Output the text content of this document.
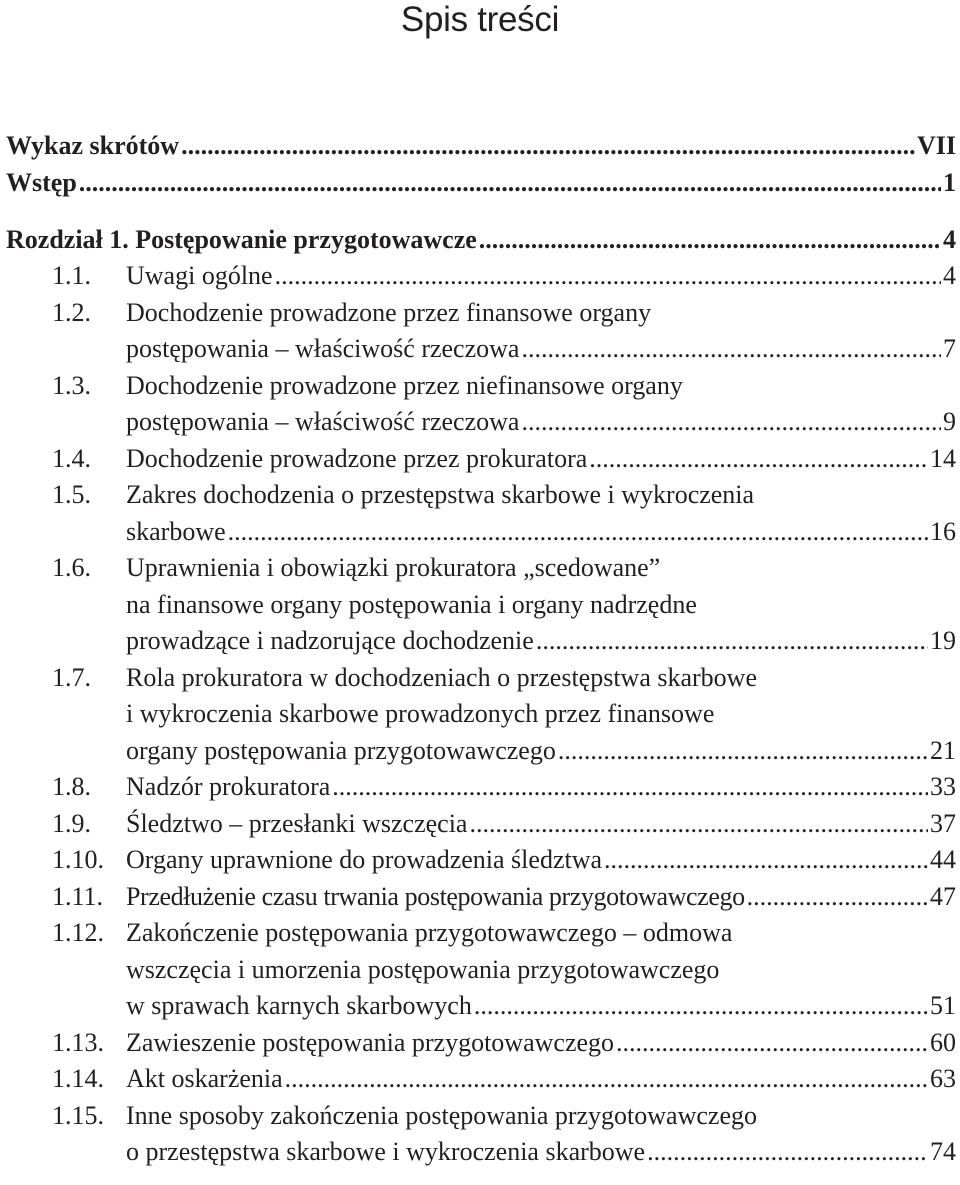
Spis treści
Wykaz skrótów .....	VII
Wstęp .....	1
Rozdział 1. Postępowanie przygotowawcze .....	4
1.1.	Uwagi ogólne .....	4
1.2.	Dochodzenie prowadzone przez finansowe organy
postępowania – właściwość rzeczowa .....	7
1.3.	Dochodzenie prowadzone przez niefinansowe organy
postępowania – właściwość rzeczowa .....	9
1.4.	Dochodzenie prowadzone przez prokuratora .....	14
1.5.	Zakres dochodzenia o przestępstwa skarbowe i wykroczenia
skarbowe .....	16
1.6.	Uprawnienia i obowiązki prokuratora „scedowane”
na finansowe organy postępowania i organy nadrzędne
prowadzące i nadzorujące dochodzenie .....	19
1.7.	Rola prokuratora w dochodzeniach o przestępstwa skarbowe
i wykroczenia skarbowe prowadzonych przez finansowe
organy postępowania przygotowawczego .....	21
1.8.	Nadzór prokuratora .....	33
1.9.	Śledztwo – przesłanki wszczęcia .....	37
1.10. Organy uprawnione do prowadzenia śledztwa .....	44
1.11. Przedłużenie czasu trwania postępowania przygotowawczego .....	47
1.12. Zakończenie postępowania przygotowawczego – odmowa
wszczęcia i umorzenia postępowania przygotowawczego
w sprawach karnych skarbowych .....	51
1.13. Zawieszenie postępowania przygotowawczego .....	60
1.14. Akt oskarżenia .....	63
1.15. Inne sposoby zakończenia postępowania przygotowawczego
o przestępstwa skarbowe i wykroczenia skarbowe .....	74
